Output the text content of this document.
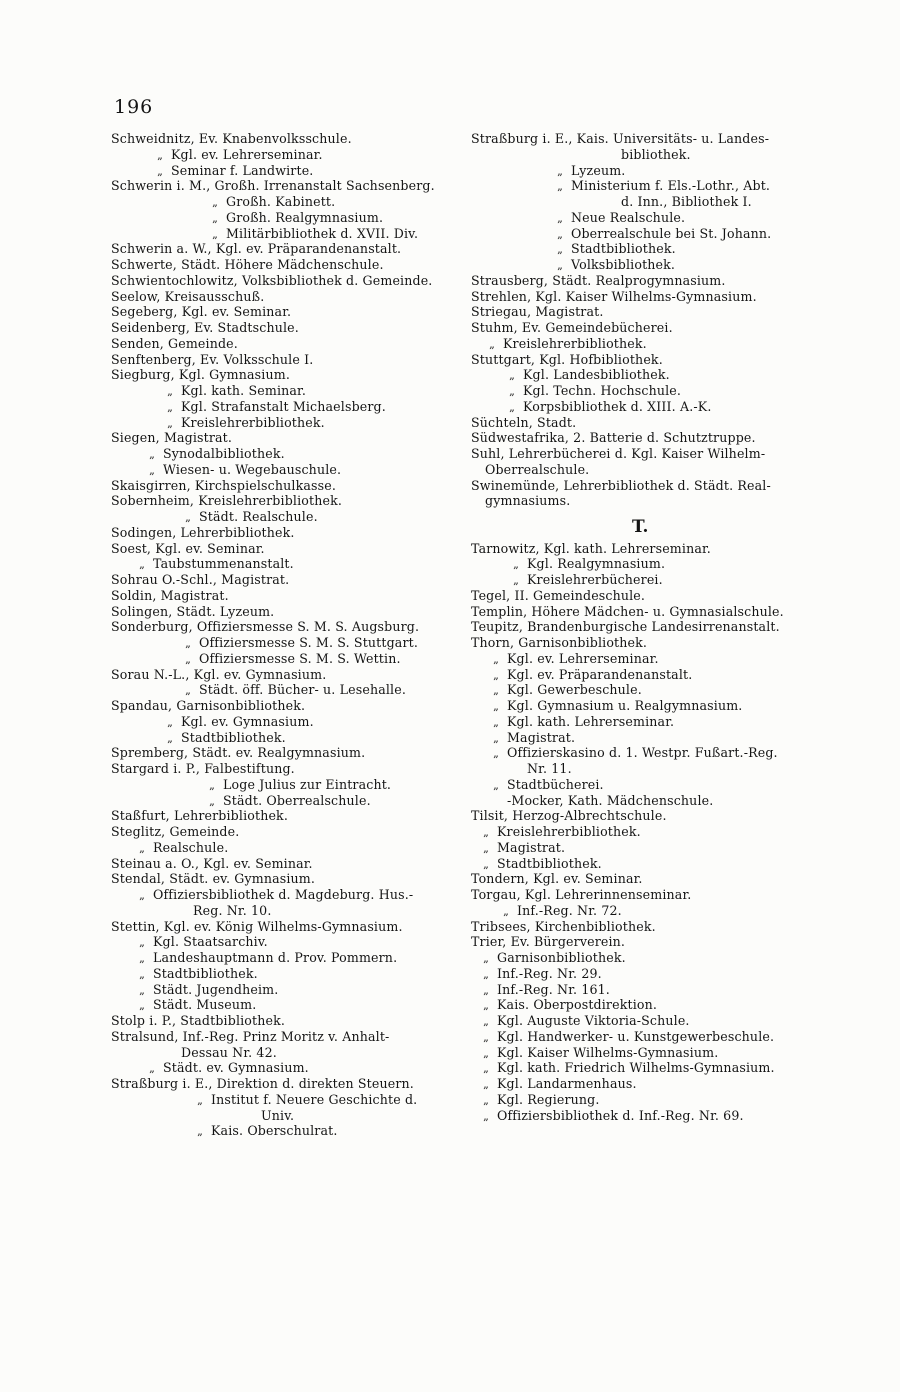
196
Schweidnitz, Ev. Knabenvolksschule.
„ Kgl. ev. Lehrerseminar.
„ Seminar f. Landwirte.
Schwerin i. M., Großh. Irrenanstalt Sachsenberg.
„ Großh. Kabinett.
„ Großh. Realgymnasium.
„ Militärbibliothek d. XVII. Div.
Schwerin a. W., Kgl. ev. Präparandenanstalt.
Schwerte, Städt. Höhere Mädchenschule.
Schwientochlowitz, Volksbibliothek d. Gemeinde.
Seelow, Kreisausschuß.
Segeberg, Kgl. ev. Seminar.
Seidenberg, Ev. Stadtschule.
Senden, Gemeinde.
Senftenberg, Ev. Volksschule I.
Siegburg, Kgl. Gymnasium.
„ Kgl. kath. Seminar.
„ Kgl. Strafanstalt Michaelsberg.
„ Kreislehrerbibliothek.
Siegen, Magistrat.
„ Synodalbibliothek.
„ Wiesen- u. Wegebauschule.
Skaisgirren, Kirchspielschulkasse.
Sobernheim, Kreislehrerbibliothek.
„ Städt. Realschule.
Sodingen, Lehrerbibliothek.
Soest, Kgl. ev. Seminar.
„ Taubstummenanstalt.
Sohrau O.-Schl., Magistrat.
Soldin, Magistrat.
Solingen, Städt. Lyzeum.
Sonderburg, Offiziersmesse S. M. S. Augsburg.
„ Offiziersmesse S. M. S. Stuttgart.
„ Offiziersmesse S. M. S. Wettin.
Sorau N.-L., Kgl. ev. Gymnasium.
„ Städt. öff. Bücher- u. Lesehalle.
Spandau, Garnisonbibliothek.
„ Kgl. ev. Gymnasium.
„ Stadtbibliothek.
Spremberg, Städt. ev. Realgymnasium.
Stargard i. P., Falbestiftung.
„ Loge Julius zur Eintracht.
„ Städt. Oberrealschule.
Staßfurt, Lehrerbibliothek.
Steglitz, Gemeinde.
„ Realschule.
Steinau a. O., Kgl. ev. Seminar.
Stendal, Städt. ev. Gymnasium.
„ Offiziersbibliothek d. Magdeburg. Hus.-
Reg. Nr. 10.
Stettin, Kgl. ev. König Wilhelms-Gymnasium.
„ Kgl. Staatsarchiv.
„ Landeshauptmann d. Prov. Pommern.
„ Stadtbibliothek.
„ Städt. Jugendheim.
„ Städt. Museum.
Stolp i. P., Stadtbibliothek.
Stralsund, Inf.-Reg. Prinz Moritz v. Anhalt-
Dessau Nr. 42.
„ Städt. ev. Gymnasium.
Straßburg i. E., Direktion d. direkten Steuern.
„ Institut f. Neuere Geschichte d.
Univ.
„ Kais. Oberschulrat.
Straßburg i. E., Kais. Universitäts- u. Landes-
bibliothek.
„ Lyzeum.
„ Ministerium f. Els.-Lothr., Abt.
d. Inn., Bibliothek I.
„ Neue Realschule.
„ Oberrealschule bei St. Johann.
„ Stadtbibliothek.
„ Volksbibliothek.
Strausberg, Städt. Realprogymnasium.
Strehlen, Kgl. Kaiser Wilhelms-Gymnasium.
Striegau, Magistrat.
Stuhm, Ev. Gemeindebücherei.
„ Kreislehrerbibliothek.
Stuttgart, Kgl. Hofbibliothek.
„ Kgl. Landesbibliothek.
„ Kgl. Techn. Hochschule.
„ Korpsbibliothek d. XIII. A.-K.
Süchteln, Stadt.
Südwestafrika, 2. Batterie d. Schutztruppe.
Suhl, Lehrerbücherei d. Kgl. Kaiser Wilhelm-
Oberrealschule.
Swinemünde, Lehrerbibliothek d. Städt. Real-
gymnasiums.
Tarnowitz, Kgl. kath. Lehrerseminar.
„ Kgl. Realgymnasium.
„ Kreislehrerbücherei.
Tegel, II. Gemeindeschule.
Templin, Höhere Mädchen- u. Gymnasialschule.
Teupitz, Brandenburgische Landesirrenanstalt.
Thorn, Garnisonbibliothek.
„ Kgl. ev. Lehrerseminar.
„ Kgl. ev. Präparandenanstalt.
„ Kgl. Gewerbeschule.
„ Kgl. Gymnasium u. Realgymnasium.
„ Kgl. kath. Lehrerseminar.
„ Magistrat.
„ Offizierskasino d. 1. Westpr. Fußart.-Reg.
Nr. 11.
„ Stadtbücherei.
-Mocker, Kath. Mädchenschule.
Tilsit, Herzog-Albrechtschule.
„ Kreislehrerbibliothek.
„ Magistrat.
„ Stadtbibliothek.
Tondern, Kgl. ev. Seminar.
Torgau, Kgl. Lehrerinnenseminar.
„ Inf.-Reg. Nr. 72.
Tribsees, Kirchenbibliothek.
Trier, Ev. Bürgerverein.
„ Garnisonbibliothek.
„ Inf.-Reg. Nr. 29.
„ Inf.-Reg. Nr. 161.
„ Kais. Oberpostdirektion.
„ Kgl. Auguste Viktoria-Schule.
„ Kgl. Handwerker- u. Kunstgewerbeschule.
„ Kgl. Kaiser Wilhelms-Gymnasium.
„ Kgl. kath. Friedrich Wilhelms-Gymnasium.
„ Kgl. Landarmenhaus.
„ Kgl. Regierung.
„ Offiziersbibliothek d. Inf.-Reg. Nr. 69.
T.
